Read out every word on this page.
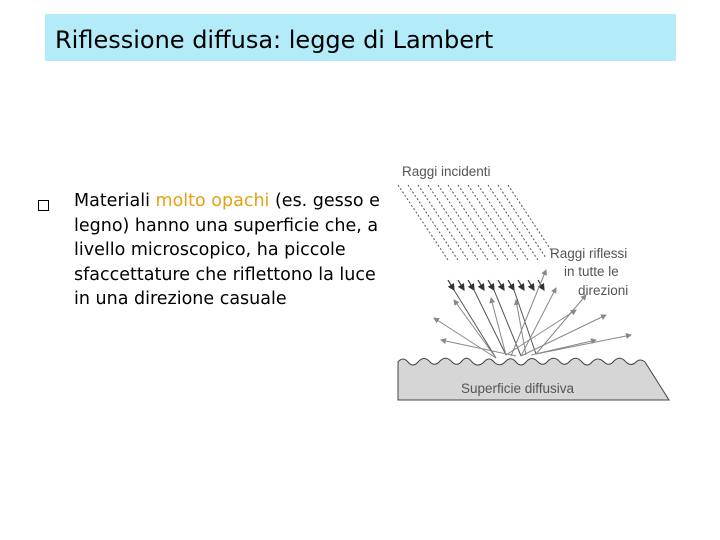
Riflessione diffusa: legge di Lambert
Materiali molto opachi (es. gesso e legno) hanno una superficie che, a livello microscopico, ha piccole sfaccettature che riflettono la luce in una direzione casuale
Superficie diffusiva
Raggi incidenti
Raggi riflessi
in tutte le
direzioni
